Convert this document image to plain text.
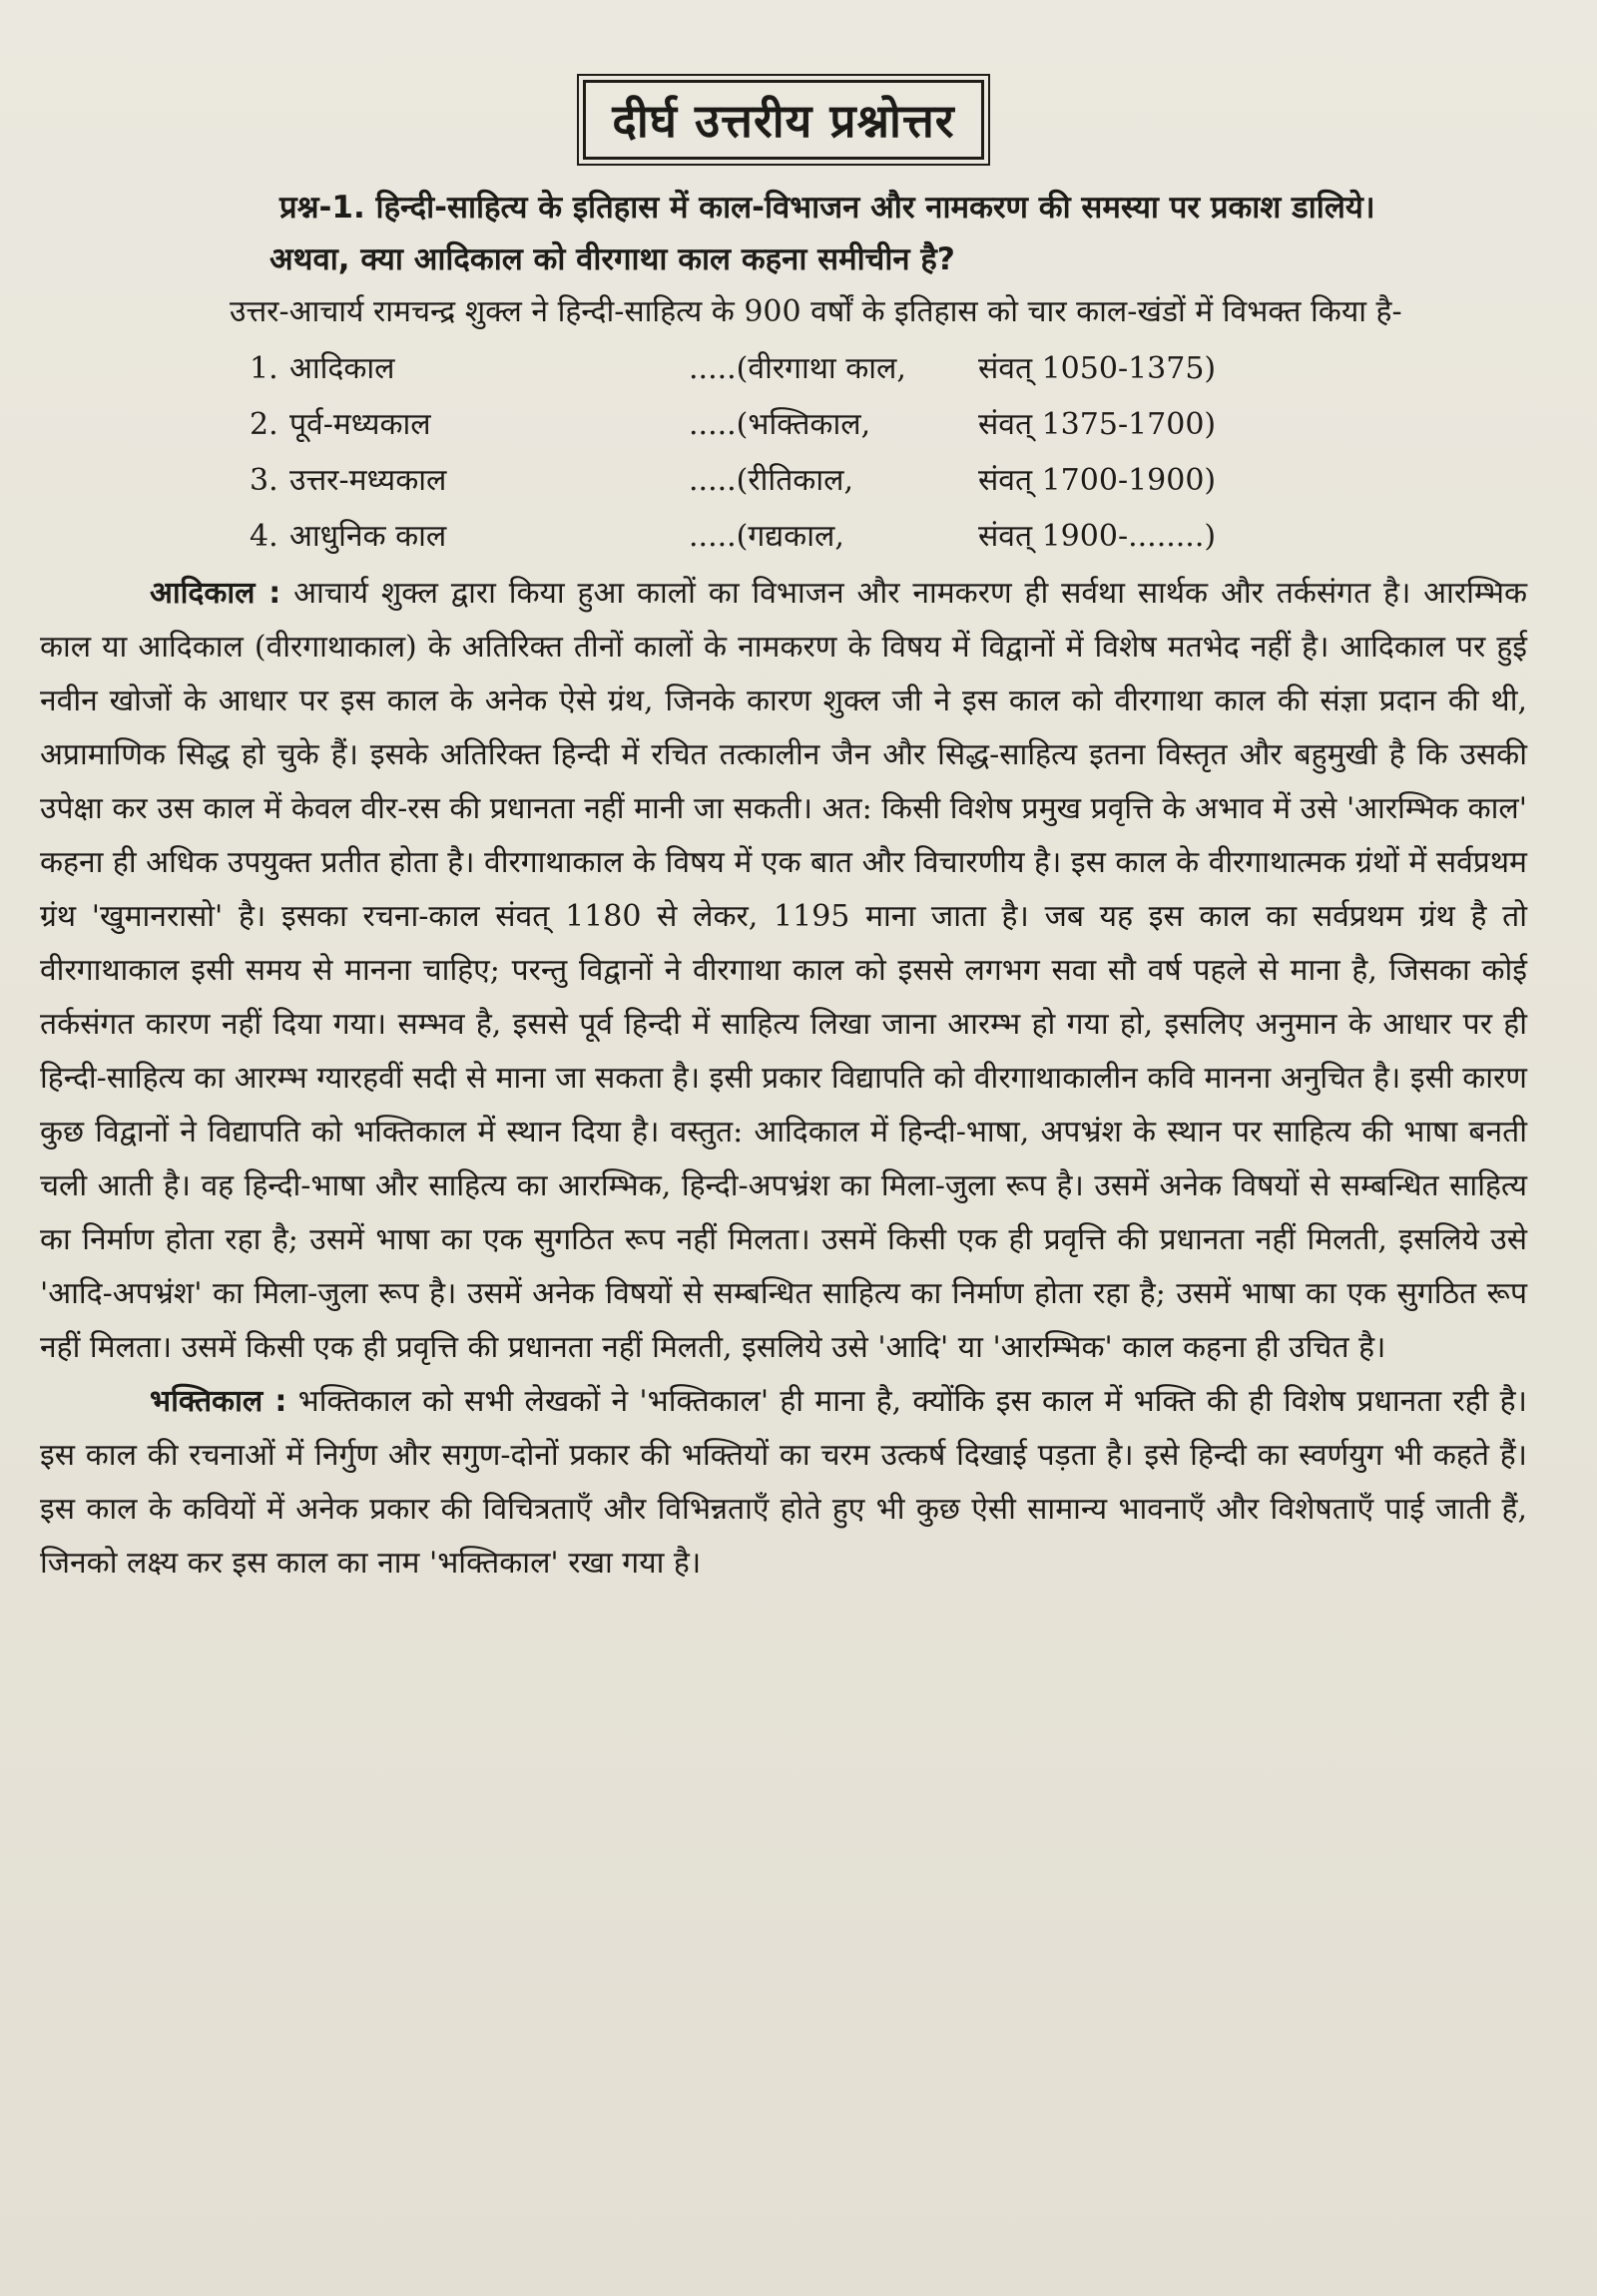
दीर्घ उत्तरीय प्रश्नोत्तर

प्रश्न-1. हिन्दी-साहित्य के इतिहास में काल-विभाजन और नामकरण की समस्या पर प्रकाश डालिये।

अथवा, क्या आदिकाल को वीरगाथा काल कहना समीचीन है?

उत्तर-आचार्य रामचन्द्र शुक्ल ने हिन्दी-साहित्य के 900 वर्षों के इतिहास को चार काल-खंडों में विभक्त किया है-

1. आदिकाल	.....(वीरगाथा काल,	संवत् 1050-1375)
2. पूर्व-मध्यकाल	.....(भक्तिकाल,	संवत् 1375-1700)
3. उत्तर-मध्यकाल	.....(रीतिकाल,	संवत् 1700-1900)
4. आधुनिक काल	.....(गद्यकाल,	संवत् 1900-........)

आदिकाल : आचार्य शुक्ल द्वारा किया हुआ कालों का विभाजन और नामकरण ही सर्वथा सार्थक और तर्कसंगत है। आरम्भिक काल या आदिकाल (वीरगाथाकाल) के अतिरिक्त तीनों कालों के नामकरण के विषय में विद्वानों में विशेष मतभेद नहीं है। आदिकाल पर हुई नवीन खोजों के आधार पर इस काल के अनेक ऐसे ग्रंथ, जिनके कारण शुक्ल जी ने इस काल को वीरगाथा काल की संज्ञा प्रदान की थी, अप्रामाणिक सिद्ध हो चुके हैं। इसके अतिरिक्त हिन्दी में रचित तत्कालीन जैन और सिद्ध-साहित्य इतना विस्तृत और बहुमुखी है कि उसकी उपेक्षा कर उस काल में केवल वीर-रस की प्रधानता नहीं मानी जा सकती। अत: किसी विशेष प्रमुख प्रवृत्ति के अभाव में उसे 'आरम्भिक काल' कहना ही अधिक उपयुक्त प्रतीत होता है। वीरगाथाकाल के विषय में एक बात और विचारणीय है। इस काल के वीरगाथात्मक ग्रंथों में सर्वप्रथम ग्रंथ 'खुमानरासो' है। इसका रचना-काल संवत् 1180 से लेकर, 1195 माना जाता है। जब यह इस काल का सर्वप्रथम ग्रंथ है तो वीरगाथाकाल इसी समय से मानना चाहिए; परन्तु विद्वानों ने वीरगाथा काल को इससे लगभग सवा सौ वर्ष पहले से माना है, जिसका कोई तर्कसंगत कारण नहीं दिया गया। सम्भव है, इससे पूर्व हिन्दी में साहित्य लिखा जाना आरम्भ हो गया हो, इसलिए अनुमान के आधार पर ही हिन्दी-साहित्य का आरम्भ ग्यारहवीं सदी से माना जा सकता है। इसी प्रकार विद्यापति को वीरगाथाकालीन कवि मानना अनुचित है। इसी कारण कुछ विद्वानों ने विद्यापति को भक्तिकाल में स्थान दिया है। वस्तुत: आदिकाल में हिन्दी-भाषा, अपभ्रंश के स्थान पर साहित्य की भाषा बनती चली आती है। वह हिन्दी-भाषा और साहित्य का आरम्भिक, हिन्दी-अपभ्रंश का मिला-जुला रूप है। उसमें अनेक विषयों से सम्बन्धित साहित्य का निर्माण होता रहा है; उसमें भाषा का एक सुगठित रूप नहीं मिलता। उसमें किसी एक ही प्रवृत्ति की प्रधानता नहीं मिलती, इसलिये उसे 'आदि-अपभ्रंश' का मिला-जुला रूप है। उसमें अनेक विषयों से सम्बन्धित साहित्य का निर्माण होता रहा है; उसमें भाषा का एक सुगठित रूप नहीं मिलता। उसमें किसी एक ही प्रवृत्ति की प्रधानता नहीं मिलती, इसलिये उसे 'आदि' या 'आरम्भिक' काल कहना ही उचित है।

भक्तिकाल : भक्तिकाल को सभी लेखकों ने 'भक्तिकाल' ही माना है, क्योंकि इस काल में भक्ति की ही विशेष प्रधानता रही है। इस काल की रचनाओं में निर्गुण और सगुण-दोनों प्रकार की भक्तियों का चरम उत्कर्ष दिखाई पड़ता है। इसे हिन्दी का स्वर्णयुग भी कहते हैं। इस काल के कवियों में अनेक प्रकार की विचित्रताएँ और विभिन्नताएँ होते हुए भी कुछ ऐसी सामान्य भावनाएँ और विशेषताएँ पाई जाती हैं, जिनको लक्ष्य कर इस काल का नाम 'भक्तिकाल' रखा गया है।
